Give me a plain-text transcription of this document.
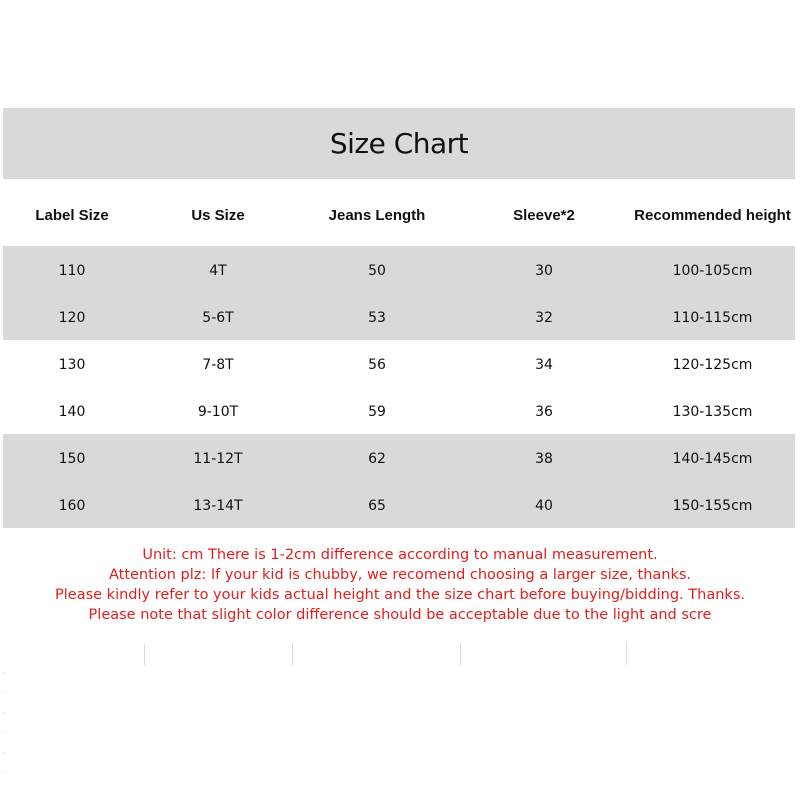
Size Chart
Label Size	Us Size	Jeans Length	Sleeve*2	Recommended height
110	4T	50	30	100-105cm
120	5-6T	53	32	110-115cm
130	7-8T	56	34	120-125cm
140	9-10T	59	36	130-135cm
150	11-12T	62	38	140-145cm
160	13-14T	65	40	150-155cm
Unit: cm There is 1-2cm difference according to manual measurement.
Attention plz: If your kid is chubby, we recomend choosing a larger size, thanks.
Please kindly refer to your kids actual height and the size chart before buying/bidding. Thanks.
Please note that slight color difference should be acceptable due to the light and scre
